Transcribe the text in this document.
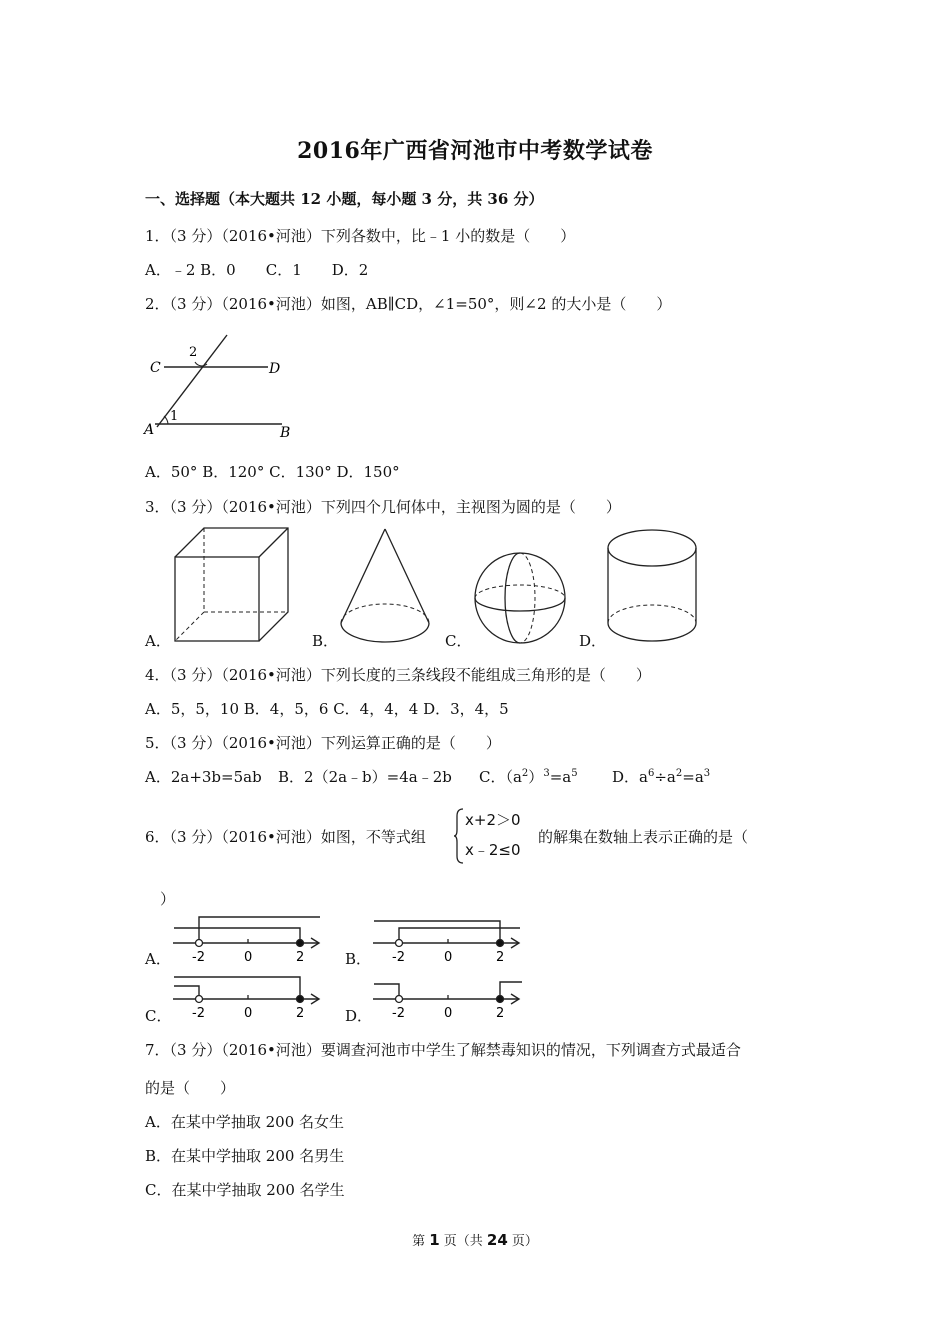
2016年广西省河池市中考数学试卷
一、选择题（本大题共 12 小题，每小题 3 分，共 36 分）
1．（3 分）（2016•河池）下列各数中，比﹣1 小的数是（　　）
A．﹣2 B．0　　C．1　　D．2
2．（3 分）（2016•河池）如图，AB∥CD，∠1=50°，则∠2 的大小是（　　）
C	D
A	B
1
2
A．50° B．120° C．130° D．150°
3．（3 分）（2016•河池）下列四个几何体中，主视图为圆的是（　　）
A．	B．	C．	D．
4．（3 分）（2016•河池）下列长度的三条线段不能组成三角形的是（　　）
A．5，5，10 B．4，5，6 C．4，4，4 D．3，4，5
5．（3 分）（2016•河池）下列运算正确的是（　　）
A．2a+3b=5ab B．2（2a﹣b）=4a﹣2b C．$(a^2)^3=a^5$ D．$a^6\div a^2=a^3$
6．（3 分）（2016•河池）如图，不等式组
x+2＞0
x﹣2≤0
的解集在数轴上表示正确的是（
）
A． -2	0	2	B． -2	0	2
C． -2	0	2	D． -2	0	2
7．（3 分）（2016•河池）要调查河池市中学生了解禁毒知识的情况，下列调查方式最适合
的是（　　）
A．在某中学抽取 200 名女生
B．在某中学抽取 200 名男生
C．在某中学抽取 200 名学生
第 1 页（共 24 页）
